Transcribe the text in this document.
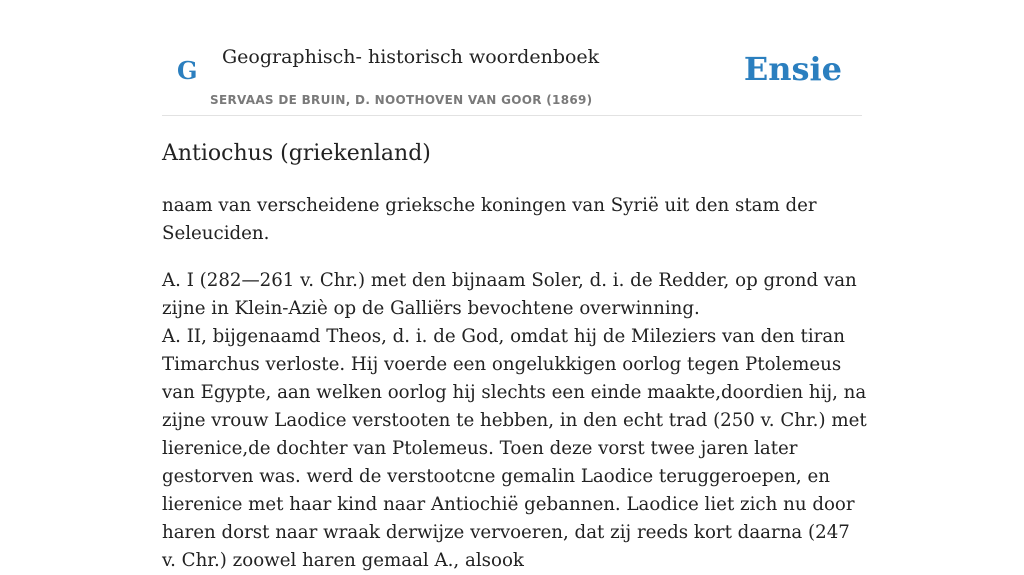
G Geographisch- historisch woordenboek
SERVAAS DE BRUIN, D. NOOTHOVEN VAN GOOR (1869)
Ensie
Antiochus (griekenland)

naam van verscheidene grieksche koningen van Syrië uit den stam der Seleuciden.

A. I (282—261 v. Chr.) met den bijnaam Soler, d. i. de Redder, op grond van zijne in Klein-Aziè op de Galliërs bevochtene overwinning.

A. II, bijgenaamd Theos, d. i. de God, omdat hij de Mileziers van den tiran Timarchus verloste. Hij voerde een ongelukkigen oorlog tegen Ptolemeus van Egypte, aan welken oorlog hij slechts een einde maakte,doordien hij, na zijne vrouw Laodice verstooten te hebben, in den echt trad (250 v. Chr.) met lierenice,de dochter van Ptolemeus. Toen deze vorst twee jaren later gestorven was. werd de verstootcne gemalin Laodice teruggeroepen, en lierenice met haar kind naar Antiochië gebannen. Laodice liet zich nu door haren dorst naar wraak derwijze vervoeren, dat zij reeds kort daarna (247 v. Chr.) zoowel haren gemaal A., alsook
